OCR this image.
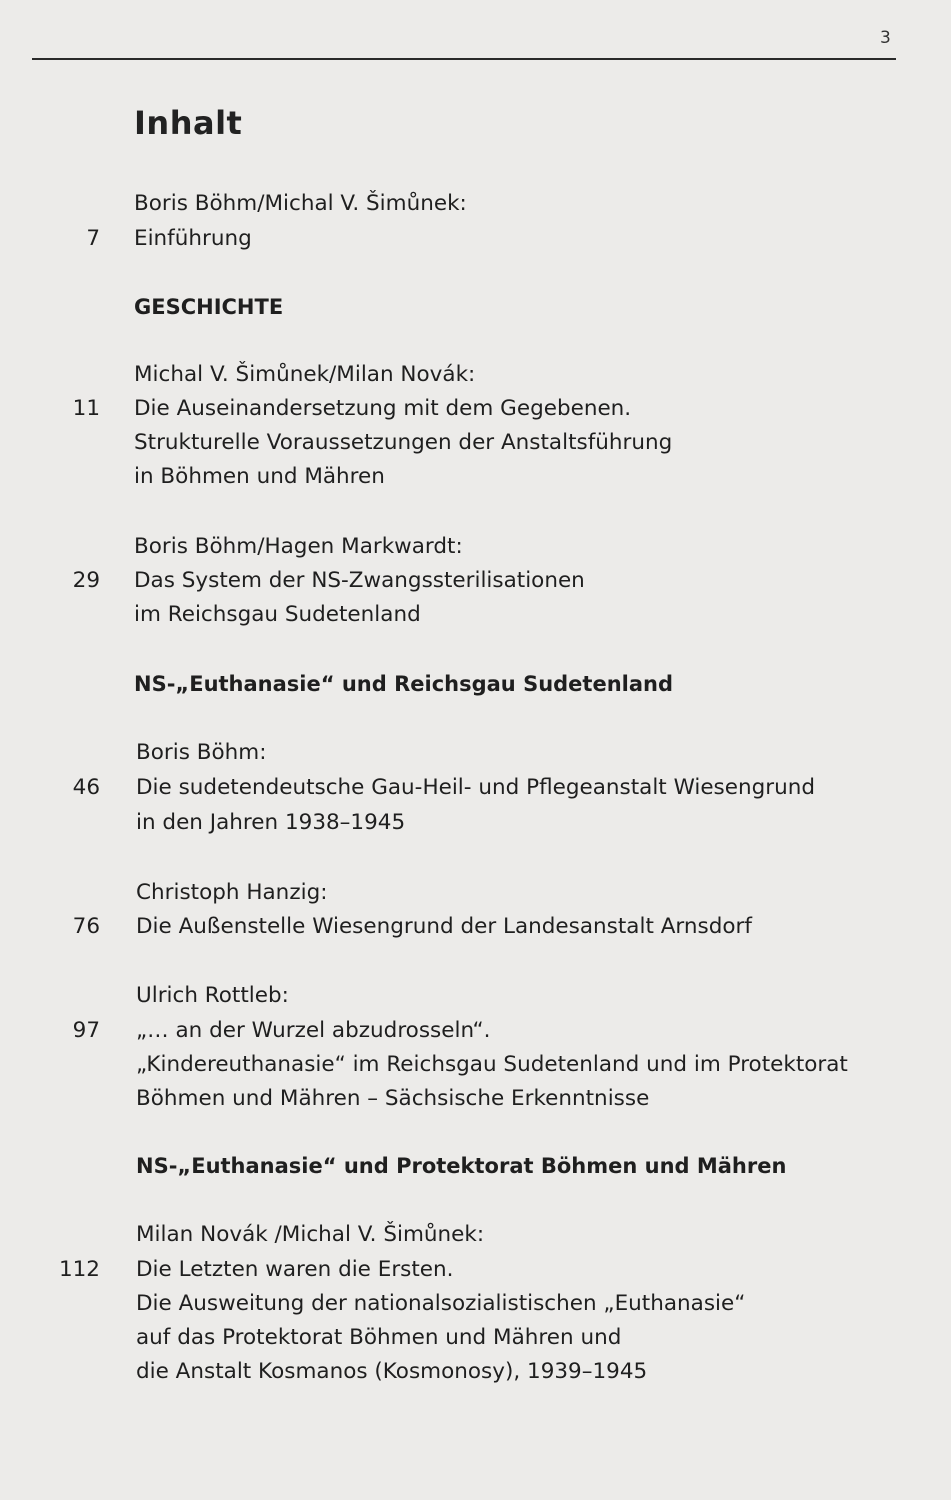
3
Inhalt
Boris Böhm/Michal V. Šimůnek:
7 Einführung
GESCHICHTE
Michal V. Šimůnek/Milan Novák:
11 Die Auseinandersetzung mit dem Gegebenen.
Strukturelle Voraussetzungen der Anstaltsführung
in Böhmen und Mähren
Boris Böhm/Hagen Markwardt:
29 Das System der NS-Zwangssterilisationen
im Reichsgau Sudetenland
NS-„Euthanasie“ und Reichsgau Sudetenland
Boris Böhm:
46 Die sudetendeutsche Gau-Heil- und Pflegeanstalt Wiesengrund
in den Jahren 1938–1945
Christoph Hanzig:
76 Die Außenstelle Wiesengrund der Landesanstalt Arnsdorf
Ulrich Rottleb:
97 „… an der Wurzel abzudrosseln“.
„Kindereuthanasie“ im Reichsgau Sudetenland und im Protektorat
Böhmen und Mähren – Sächsische Erkenntnisse
NS-„Euthanasie“ und Protektorat Böhmen und Mähren
Milan Novák /Michal V. Šimůnek:
112 Die Letzten waren die Ersten.
Die Ausweitung der nationalsozialistischen „Euthanasie“
auf das Protektorat Böhmen und Mähren und
die Anstalt Kosmanos (Kosmonosy), 1939–1945
